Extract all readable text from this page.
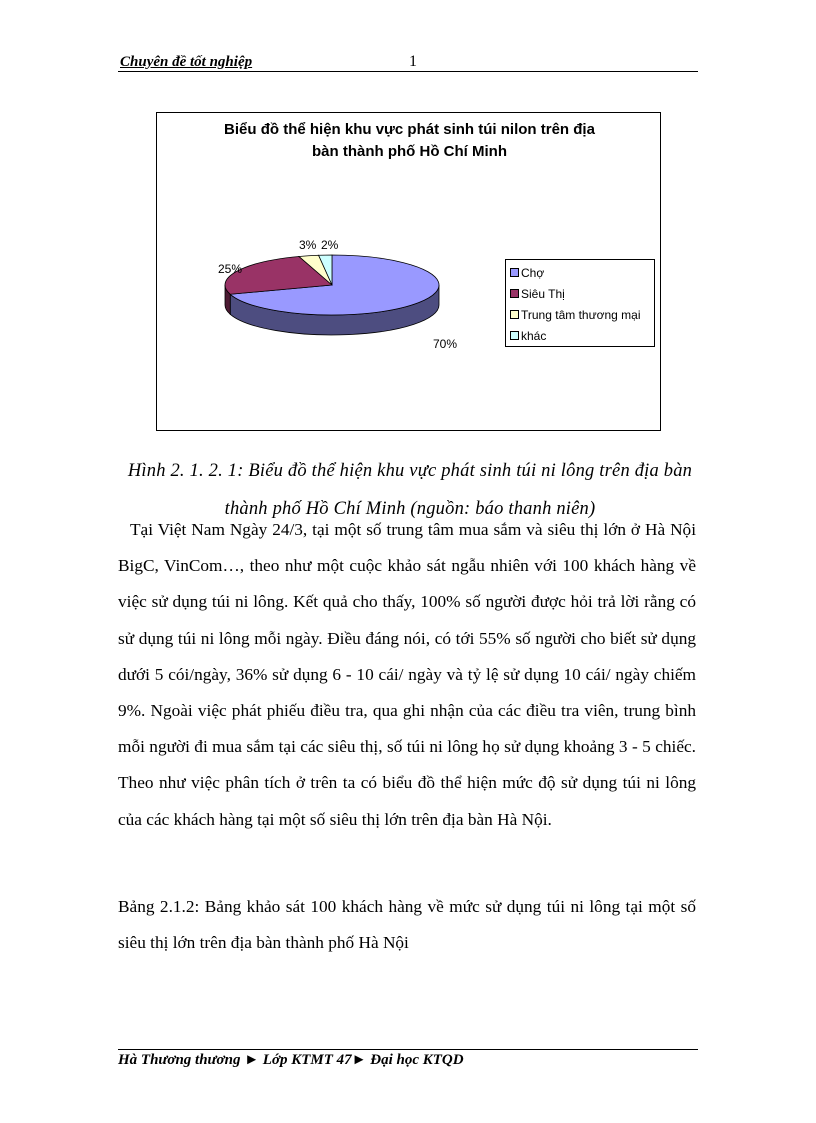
Chuyên đề tốt nghiệp	1
Biểu đồ thể hiện khu vực phát sinh túi nilon trên địa
bàn thành phố Hồ Chí Minh
70%
25%
3% 2%
Chợ
Siêu Thị
Trung tâm thương mại
khác
Hình 2. 1. 2. 1: Biểu đồ thể hiện khu vực phát sinh túi ni lông trên địa bàn
thành phố Hồ Chí Minh (nguồn: báo thanh niên)
Tại Việt Nam Ngày 24/3, tại một số trung tâm mua sắm và siêu thị lớn ở Hà Nội BigC, VinCom…, theo như một cuộc khảo sát ngẫu nhiên với 100 khách hàng về việc sử dụng túi ni lông. Kết quả cho thấy, 100% số người được hỏi trả lời rằng có sử dụng túi ni lông mỗi ngày. Điều đáng nói, có tới 55% số người cho biết sử dụng dưới 5 cói/ngày, 36% sử dụng 6 - 10 cái/ ngày và tỷ lệ sử dụng 10 cái/ ngày chiếm 9%. Ngoài việc phát phiếu điều tra, qua ghi nhận của các điều tra viên, trung bình mỗi người đi mua sắm tại các siêu thị, số túi ni lông họ sử dụng khoảng 3 - 5 chiếc. Theo như việc phân tích ở trên ta có biểu đồ thể hiện mức độ sử dụng túi ni lông của các khách hàng tại một số siêu thị lớn trên địa bàn Hà Nội.
Bảng 2.1.2: Bảng khảo sát 100 khách hàng về mức sử dụng túi ni lông tại một số siêu thị lớn trên địa bàn thành phố Hà Nội
Hà Thương thương ► Lớp KTMT 47► Đại học KTQD
